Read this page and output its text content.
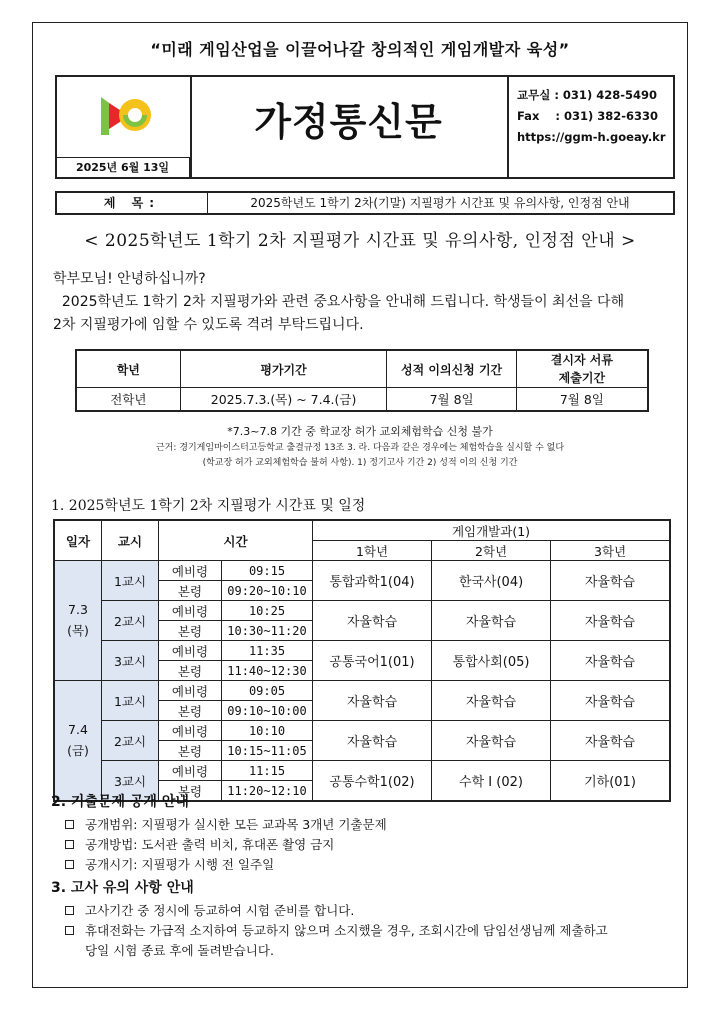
“미래 게임산업을 이끌어나갈 창의적인 게임개발자 육성”
2025년 6월 13일
가정통신문
교무실 : 031) 428-5490
Fax    : 031) 382-6330
https://ggm-h.goeay.kr
제 목:	2025학년도 1학기 2차(기말) 지필평가 시간표 및 유의사항, 인정점 안내
< 2025학년도 1학기 2차 지필평가 시간표 및 유의사항, 인정점 안내 >

학부모님! 안녕하십니까?

2025학년도 1학기 2차 지필평가와 관련 중요사항을 안내해 드립니다. 학생들이 최선을 다해

2차 지필평가에 임할 수 있도록 격려 부탁드립니다.

학년	평가기간	성적 이의신청 기간	결시자 서류
제출기간
전학년	2025.7.3.(목) ~ 7.4.(금)	7월 8일	7월 8일
*7.3~7.8 기간 중 학교장 허가 교외체험학습 신청 불가
근거: 경기게임마이스터고등학교 출결규정 13조 3. 라. 다음과 같은 경우에는 체험학습을 실시할 수 없다
(학교장 허가 교외체험학습 불허 사항). 1) 정기고사 기간 2) 성적 이의 신청 기간
1. 2025학년도 1학기 2차 지필평가 시간표 및 일정
일자	교시	시간		게임개발과(1)		
				1학년	2학년	3학년

7.3
(목)	1교시	예비령	09:15	통합과학1(04)	한국사(04)	자율학습
		본령	09:20~10:10			
	2교시	예비령	10:25	자율학습	자율학습	자율학습
		본령	10:30~11:20			
	3교시	예비령	11:35	공통국어1(01)	통합사회(05)	자율학습
		본령	11:40~12:30			

7.4
(금)	1교시	예비령	09:05	자율학습	자율학습	자율학습
		본령	09:10~10:00			
	2교시	예비령	10:10	자율학습	자율학습	자율학습
		본령	10:15~11:05			
	3교시	예비령	11:15	공통수학1(02)	수학 I (02)	기하(01)
		본령	11:20~12:10			
2. 기출문제 공개 안내
공개범위: 지필평가 실시한 모든 교과목 3개년 기출문제
공개방법: 도서관 출력 비치, 휴대폰 촬영 금지
공개시기: 지필평가 시행 전 일주일
3. 고사 유의 사항 안내
고사기간 중 정시에 등교하여 시험 준비를 합니다.
휴대전화는 가급적 소지하여 등교하지 않으며 소지했을 경우, 조회시간에 담임선생님께 제출하고
당일 시험 종료 후에 돌려받습니다.
